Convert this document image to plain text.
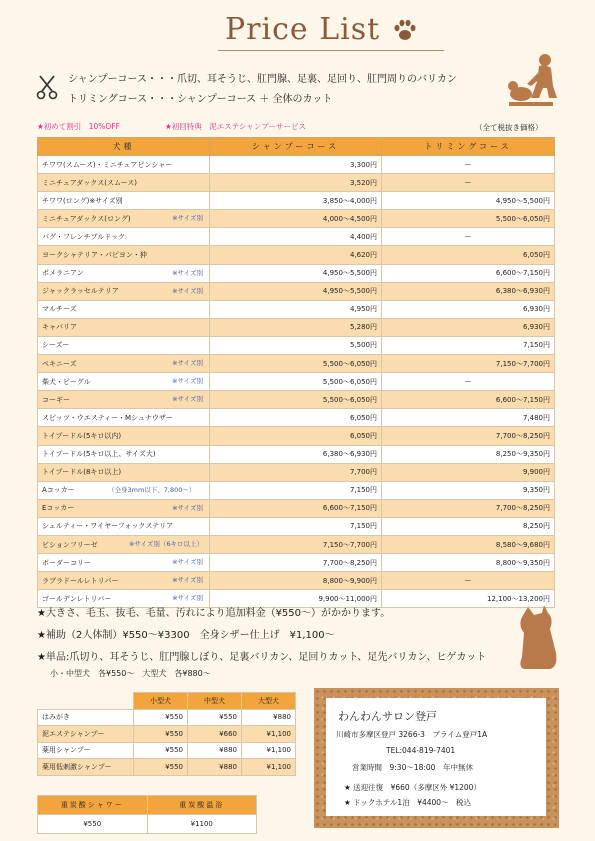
Price List
シャンプーコース・・・爪切、耳そうじ、肛門腺、足裏、足回り、肛門周りのバリカン
トリミングコース・・・シャンプーコース ＋ 全体のカット
★初めて割引　10%OFF	★初回特典　泥エステシャンプーサービス	（全て税抜き価格）
犬種	シャンプーコース	トリミングコース
チワワ(スムース)・ミニチュアピンシャー	3,300円	ー
ミニチュアダックス(スムース)	3,520円	ー
チワワ(ロング)※サイズ別	3,850～4,000円	4,950～5,500円
ミニチュアダックス(ロング) ※サイズ別	4,000～4,500円	5,500～6,050円
パグ・フレンチブルドック	4,400円	ー
ヨークシャテリア・パピヨン・狆	4,620円	6,050円
ポメラニアン ※サイズ別	4,950～5,500円	6,600～7,150円
ジャックラッセルテリア ※サイズ別	4,950～5,500円	6,380～6,930円
マルチーズ	4,950円	6,930円
キャバリア	5,280円	6,930円
シーズー	5,500円	7,150円
ペキニーズ ※サイズ別	5,500～6,050円	7,150～7,700円
柴犬・ビーグル ※サイズ別	5,500～6,050円	ー
コーギー ※サイズ別	5,500～6,050円	6,600～7,150円
スピッツ・ウエスティー・Mシュナウザー	6,050円	7,480円
トイプードル(5キロ以内)	6,050円	7,700～8,250円
トイプードル(5キロ以上、サイズ大)	6,380～6,930円	8,250～9,350円
トイプードル(8キロ以上)	7,700円	9,900円
Aコッカー （全身3mm以下、7,800～）	7,150円	9,350円
Eコッカー ※サイズ別	6,600～7,150円	7,700～8,250円
シェルティー・ワイヤーフォックステリア	7,150円	8,250円
ビションフリーゼ ※サイズ別（6キロ以上）	7,150～7,700円	8,580～9,680円
ボーダーコリー ※サイズ別	7,700～8,250円	8,800～9,350円
ラブラドールレトリバー ※サイズ別	8,800～9,900円	ー
ゴールデンレトリバー ※サイズ別	9,900～11,000円	12,100～13,200円
★大きさ、毛玉、抜毛、毛量、汚れにより追加料金（¥550～）がかかります。
★補助（2人体制）¥550～¥3300　全身シザー仕上げ　¥1,100～
★単品:爪切り、耳そうじ、肛門腺しぼり、足裏バリカン、足回りカット、足先バリカン、ヒゲカット
小・中型犬　各¥550～　大型犬　各¥880～
	小型犬	中型犬	大型犬
はみがき	¥550	¥550	¥880
泥エステシャンプー	¥550	¥660	¥1,100
薬用シャンプー	¥550	¥880	¥1,100
薬用低刺激シャンプー	¥550	¥880	¥1,100
重炭酸シャワー	重炭酸温浴
¥550	¥1100
わんわんサロン登戸
川崎市多摩区登戸 3266-3　プライム登戸1A
TEL:044-819-7401
営業時間　9:30～18:00　年中無休
★ 送迎往復　¥660（多摩区外 ¥1200）
★ ドックホテル1泊　¥4400～　税込
